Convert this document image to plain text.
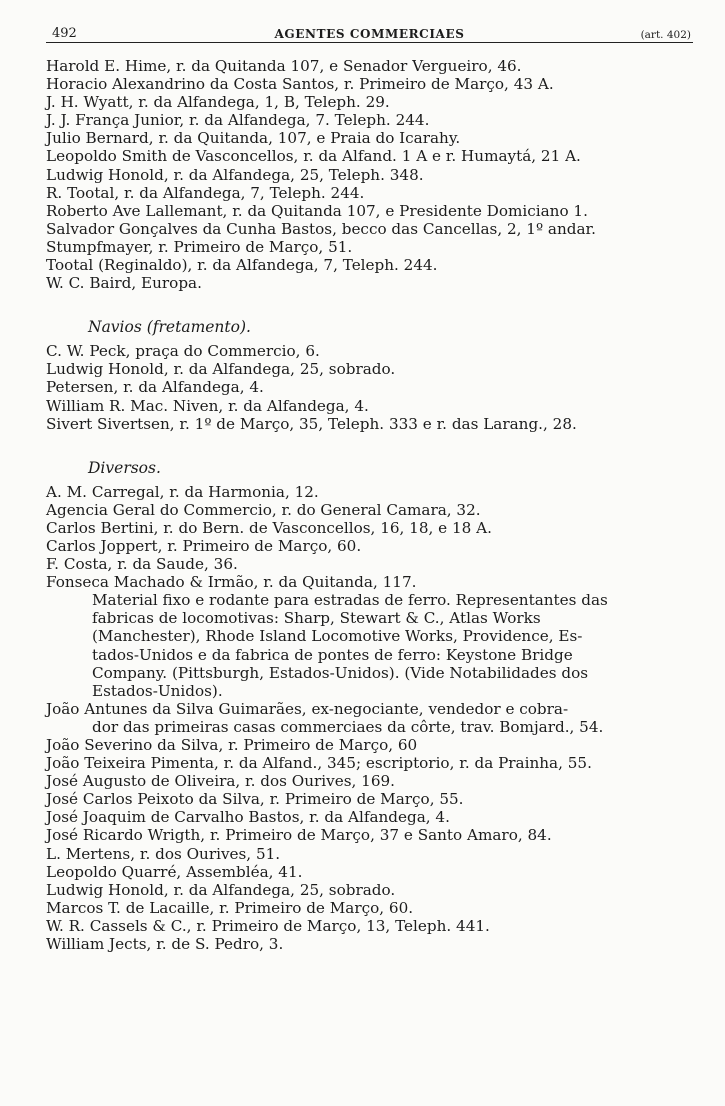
492	AGENTES COMMERCIAES	(art. 402)
Harold E. Hime, r. da Quitanda 107, e Senador Vergueiro, 46.
Horacio Alexandrino da Costa Santos, r. Primeiro de Março, 43 A.
J. H. Wyatt, r. da Alfandega, 1, B, Teleph. 29.
J. J. França Junior, r. da Alfandega, 7. Teleph. 244.
Julio Bernard, r. da Quitanda, 107, e Praia do Icarahy.
Leopoldo Smith de Vasconcellos, r. da Alfand. 1 A e r. Humaytá, 21 A.
Ludwig Honold, r. da Alfandega, 25, Teleph. 348.
R. Tootal, r. da Alfandega, 7, Teleph. 244.
Roberto Ave Lallemant, r. da Quitanda 107, e Presidente Domiciano 1.
Salvador Gonçalves da Cunha Bastos, becco das Cancellas, 2, 1º andar.
Stumpfmayer, r. Primeiro de Março, 51.
Tootal (Reginaldo), r. da Alfandega, 7, Teleph. 244.
W. C. Baird, Europa.
Navios (fretamento).
C. W. Peck, praça do Commercio, 6.
Ludwig Honold, r. da Alfandega, 25, sobrado.
Petersen, r. da Alfandega, 4.
William R. Mac. Niven, r. da Alfandega, 4.
Sivert Sivertsen, r. 1º de Março, 35, Teleph. 333 e r. das Larang., 28.
Diversos.
A. M. Carregal, r. da Harmonia, 12.
Agencia Geral do Commercio, r. do General Camara, 32.
Carlos Bertini, r. do Bern. de Vasconcellos, 16, 18, e 18 A.
Carlos Joppert, r. Primeiro de Março, 60.
F. Costa, r. da Saude, 36.
Fonseca Machado & Irmão, r. da Quitanda, 117.
Material fixo e rodante para estradas de ferro. Representantes das
fabricas de locomotivas: Sharp, Stewart & C., Atlas Works
(Manchester), Rhode Island Locomotive Works, Providence, Es-
tados-Unidos e da fabrica de pontes de ferro: Keystone Bridge
Company. (Pittsburgh, Estados-Unidos). (Vide Notabilidades dos
Estados-Unidos).
João Antunes da Silva Guimarães, ex-negociante, vendedor e cobra-
dor das primeiras casas commerciaes da côrte, trav. Bomjard., 54.
João Severino da Silva, r. Primeiro de Março, 60
João Teixeira Pimenta, r. da Alfand., 345; escriptorio, r. da Prainha, 55.
José Augusto de Oliveira, r. dos Ourives, 169.
José Carlos Peixoto da Silva, r. Primeiro de Março, 55.
José Joaquim de Carvalho Bastos, r. da Alfandega, 4.
José Ricardo Wrigth, r. Primeiro de Março, 37 e Santo Amaro, 84.
L. Mertens, r. dos Ourives, 51.
Leopoldo Quarré, Assembléa, 41.
Ludwig Honold, r. da Alfandega, 25, sobrado.
Marcos T. de Lacaille, r. Primeiro de Março, 60.
W. R. Cassels & C., r. Primeiro de Março, 13, Teleph. 441.
William Jects, r. de S. Pedro, 3.
